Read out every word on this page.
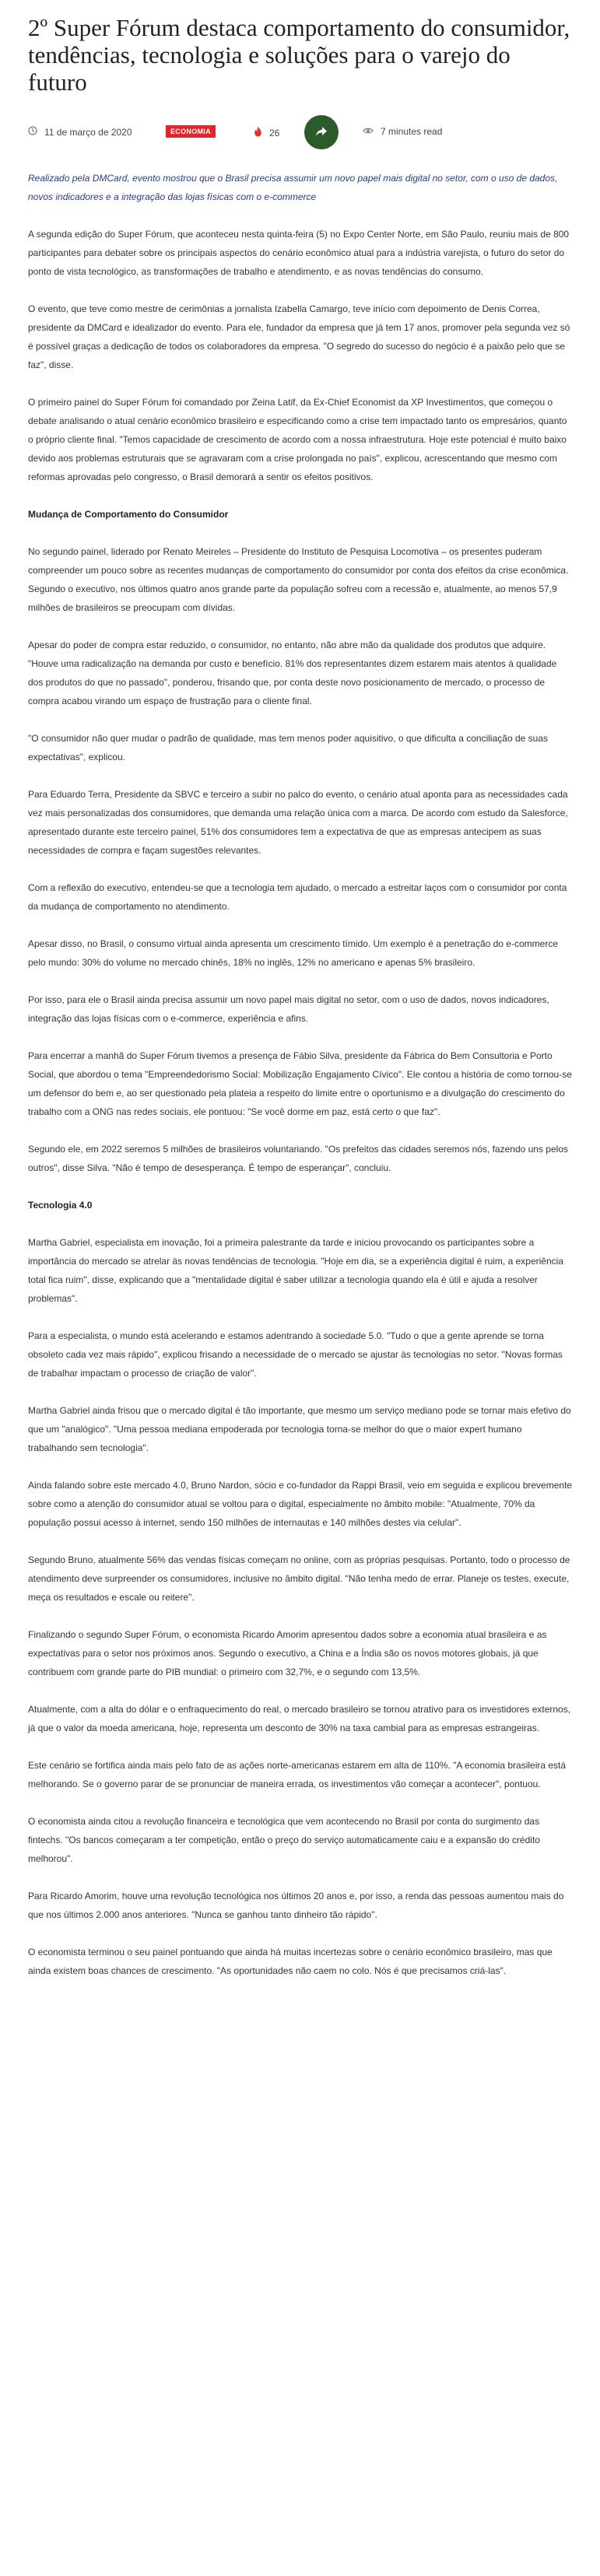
2º Super Fórum destaca comportamento do consumidor, tendências, tecnologia e soluções para o varejo do futuro
11 de março de 2020	ECONOMIA	26	7 minutes read

Realizado pela DMCard, evento mostrou que o Brasil precisa assumir um novo papel mais digital no setor, com o uso de dados, novos indicadores e a integração das lojas físicas com o e-commerce

A segunda edição do Super Fórum, que aconteceu nesta quinta-feira (5) no Expo Center Norte, em São Paulo, reuniu mais de 800 participantes para debater sobre os principais aspectos do cenário econômico atual para a indústria varejista, o futuro do setor do ponto de vista tecnológico, as transformações de trabalho e atendimento, e as novas tendências do consumo.

O evento, que teve como mestre de cerimônias a jornalista Izabella Camargo, teve início com depoimento de Denis Correa, presidente da DMCard e idealizador do evento. Para ele, fundador da empresa que já tem 17 anos, promover pela segunda vez só é possível graças a dedicação de todos os colaboradores da empresa. "O segredo do sucesso do negócio é a paixão pelo que se faz", disse.

O primeiro painel do Super Fórum foi comandado por Zeina Latif, da Ex-Chief Economist da XP Investimentos, que começou o debate analisando o atual cenário econômico brasileiro e especificando como a crise tem impactado tanto os empresários, quanto o próprio cliente final. "Temos capacidade de crescimento de acordo com a nossa infraestrutura. Hoje este potencial é muito baixo devido aos problemas estruturais que se agravaram com a crise prolongada no país", explicou, acrescentando que mesmo com reformas aprovadas pelo congresso, o Brasil demorará a sentir os efeitos positivos.

Mudança de Comportamento do Consumidor

No segundo painel, liderado por Renato Meireles – Presidente do Instituto de Pesquisa Locomotiva – os presentes puderam compreender um pouco sobre as recentes mudanças de comportamento do consumidor por conta dos efeitos da crise econômica. Segundo o executivo, nos últimos quatro anos grande parte da população sofreu com a recessão e, atualmente, ao menos 57,9 milhões de brasileiros se preocupam com dívidas.

Apesar do poder de compra estar reduzido, o consumidor, no entanto, não abre mão da qualidade dos produtos que adquire. "Houve uma radicalização na demanda por custo e benefício. 81% dos representantes dizem estarem mais atentos à qualidade dos produtos do que no passado", ponderou, frisando que, por conta deste novo posicionamento de mercado, o processo de compra acabou virando um espaço de frustração para o cliente final.

"O consumidor não quer mudar o padrão de qualidade, mas tem menos poder aquisitivo, o que dificulta a conciliação de suas expectativas", explicou.

Para Eduardo Terra, Presidente da SBVC e terceiro a subir no palco do evento, o cenário atual aponta para as necessidades cada vez mais personalizadas dos consumidores, que demanda uma relação única com a marca. De acordo com estudo da Salesforce, apresentado durante este terceiro painel, 51% dos consumidores tem a expectativa de que as empresas antecipem as suas necessidades de compra e façam sugestões relevantes.

Com a reflexão do executivo, entendeu-se que a tecnologia tem ajudado, o mercado a estreitar laços com o consumidor por conta da mudança de comportamento no atendimento.

Apesar disso, no Brasil, o consumo virtual ainda apresenta um crescimento tímido. Um exemplo é a penetração do e-commerce pelo mundo: 30% do volume no mercado chinês, 18% no inglês, 12% no americano e apenas 5% brasileiro.

Por isso, para ele o Brasil ainda precisa assumir um novo papel mais digital no setor, com o uso de dados, novos indicadores, integração das lojas físicas com o e-commerce, experiência e afins.

Para encerrar a manhã do Super Fórum tivemos a presença de Fábio Silva, presidente da Fábrica do Bem Consultoria e Porto Social, que abordou o tema "Empreendedorismo Social: Mobilização Engajamento Cívico". Ele contou a história de como tornou-se um defensor do bem e, ao ser questionado pela plateia a respeito do limite entre o oportunismo e a divulgação do crescimento do trabalho com a ONG nas redes sociais, ele pontuou: "Se você dorme em paz, está certo o que faz".

Segundo ele, em 2022 seremos 5 milhões de brasileiros voluntariando. "Os prefeitos das cidades seremos nós, fazendo uns pelos outros", disse Silva. "Não é tempo de desesperança. É tempo de esperançar", concluiu.

Tecnologia 4.0

Martha Gabriel, especialista em inovação, foi a primeira palestrante da tarde e iniciou provocando os participantes sobre a importância do mercado se atrelar às novas tendências de tecnologia. "Hoje em dia, se a experiência digital é ruim, a experiência total fica ruim", disse, explicando que a "mentalidade digital é saber utilizar a tecnologia quando ela é útil e ajuda a resolver problemas".

Para a especialista, o mundo está acelerando e estamos adentrando à sociedade 5.0. "Tudo o que a gente aprende se torna obsoleto cada vez mais rápido", explicou frisando a necessidade de o mercado se ajustar às tecnologias no setor. "Novas formas de trabalhar impactam o processo de criação de valor".

Martha Gabriel ainda frisou que o mercado digital é tão importante, que mesmo um serviço mediano pode se tornar mais efetivo do que um "analógico". "Uma pessoa mediana empoderada por tecnologia torna-se melhor do que o maior expert humano trabalhando sem tecnologia".

Ainda falando sobre este mercado 4.0, Bruno Nardon, sócio e co-fundador da Rappi Brasil, veio em seguida e explicou brevemente sobre como a atenção do consumidor atual se voltou para o digital, especialmente no âmbito mobile: "Atualmente, 70% da população possui acesso à internet, sendo 150 milhões de internautas e 140 milhões destes via celular".

Segundo Bruno, atualmente 56% das vendas físicas começam no online, com as próprias pesquisas. Portanto, todo o processo de atendimento deve surpreender os consumidores, inclusive no âmbito digital. "Não tenha medo de errar. Planeje os testes, execute, meça os resultados e escale ou reitere".

Finalizando o segundo Super Fórum, o economista Ricardo Amorim apresentou dados sobre a economia atual brasileira e as expectativas para o setor nos próximos anos. Segundo o executivo, a China e a Índia são os novos motores globais, já que contribuem com grande parte do PIB mundial: o primeiro com 32,7%, e o segundo com 13,5%.

Atualmente, com a alta do dólar e o enfraquecimento do real, o mercado brasileiro se tornou atrativo para os investidores externos, já que o valor da moeda americana, hoje, representa um desconto de 30% na taxa cambial para as empresas estrangeiras.

Este cenário se fortifica ainda mais pelo fato de as ações norte-americanas estarem em alta de 110%. "A economia brasileira está melhorando. Se o governo parar de se pronunciar de maneira errada, os investimentos vão começar a acontecer", pontuou.

O economista ainda citou a revolução financeira e tecnológica que vem acontecendo no Brasil por conta do surgimento das fintechs. "Os bancos começaram a ter competição, então o preço do serviço automaticamente caiu e a expansão do crédito melhorou".

Para Ricardo Amorim, houve uma revolução tecnológica nos últimos 20 anos e, por isso, a renda das pessoas aumentou mais do que nos últimos 2.000 anos anteriores. "Nunca se ganhou tanto dinheiro tão rápido".

O economista terminou o seu painel pontuando que ainda há muitas incertezas sobre o cenário econômico brasileiro, mas que ainda existem boas chances de crescimento. "As oportunidades não caem no colo. Nós é que precisamos criá-las".
